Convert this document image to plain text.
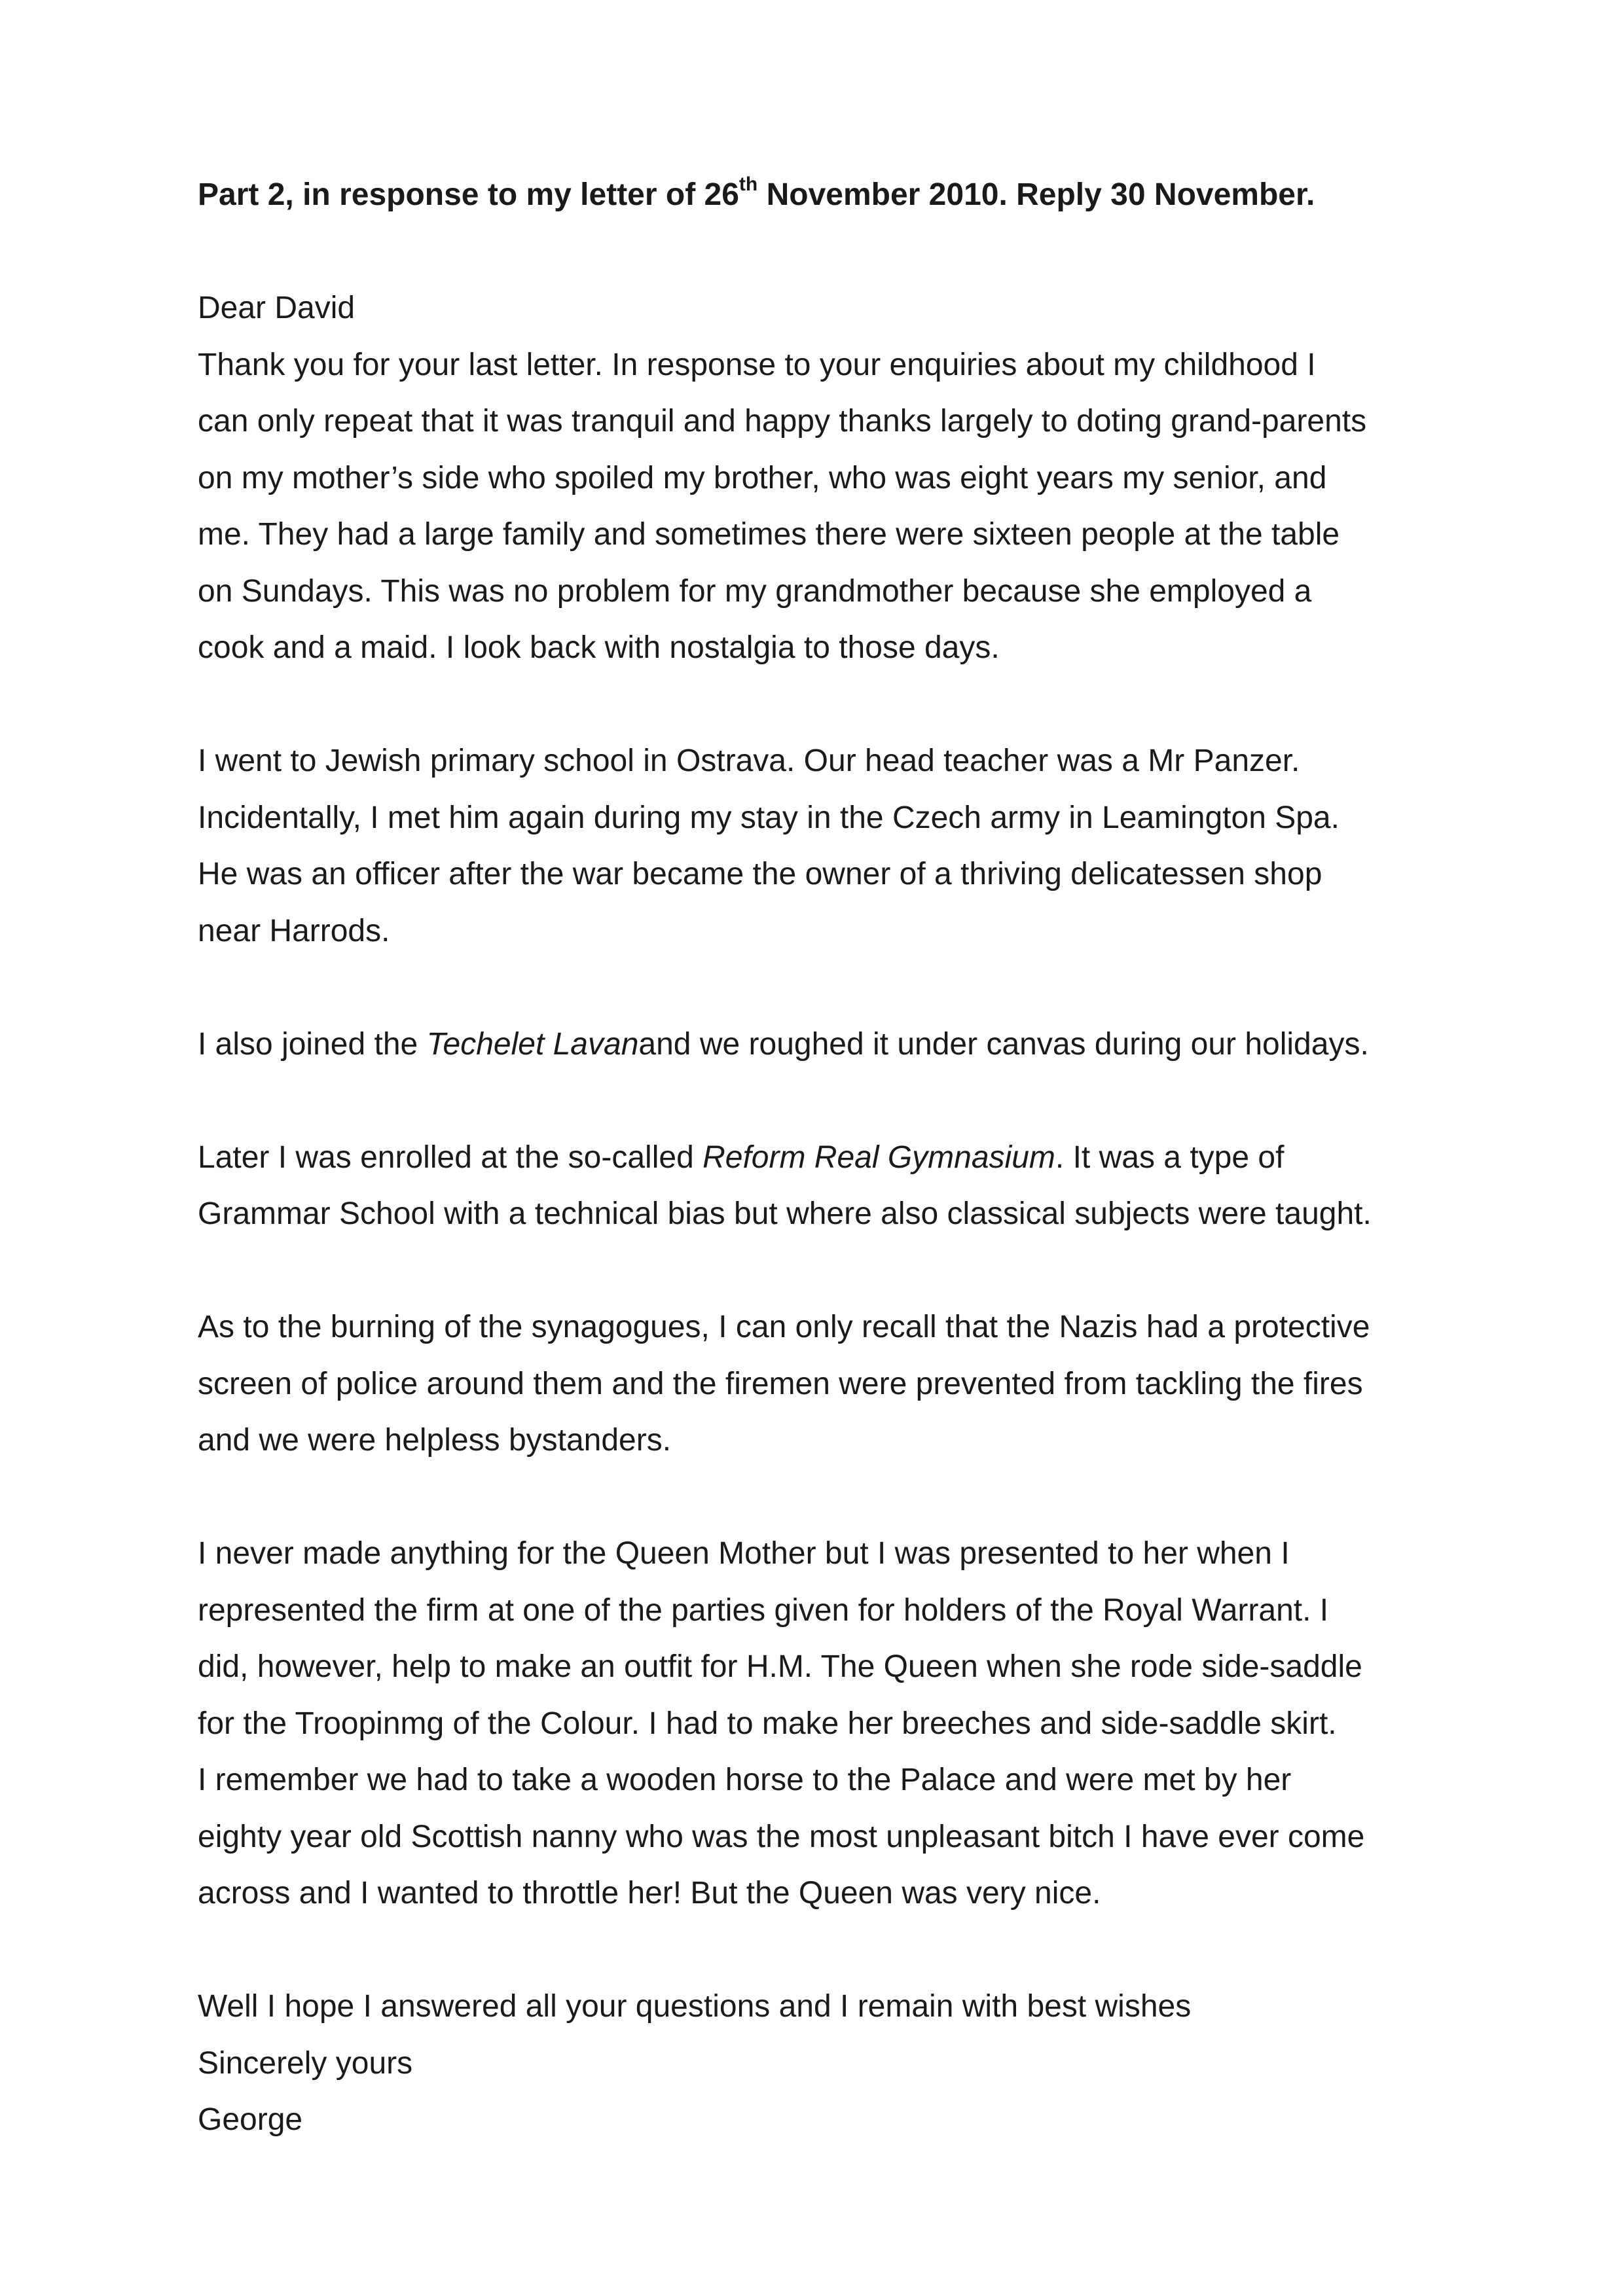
Part 2, in response to my letter of 26th November 2010. Reply 30 November.

Dear David

Thank you for your last letter. In response to your enquiries about my childhood I

can only repeat that it was tranquil and happy thanks largely to doting grand-parents

on my mother’s side who spoiled my brother, who was eight years my senior, and

me. They had a large family and sometimes there were sixteen people at the table

on Sundays. This was no problem for my grandmother because she employed a

cook and a maid. I look back with nostalgia to those days.

I went to Jewish primary school in Ostrava. Our head teacher was a Mr Panzer.

Incidentally, I met him again during my stay in the Czech army in Leamington Spa.

He was an officer after the war became the owner of a thriving delicatessen shop

near Harrods.

I also joined the Techelet Lavanand we roughed it under canvas during our holidays.

Later I was enrolled at the so-called Reform Real Gymnasium. It was a type of

Grammar School with a technical bias but where also classical subjects were taught.

As to the burning of the synagogues, I can only recall that the Nazis had a protective

screen of police around them and the firemen were prevented from tackling the fires

and we were helpless bystanders.

I never made anything for the Queen Mother but I was presented to her when I

represented the firm at one of the parties given for holders of the Royal Warrant. I

did, however, help to make an outfit for H.M. The Queen when she rode side-saddle

for the Troopinmg of the Colour. I had to make her breeches and side-saddle skirt.

I remember we had to take a wooden horse to the Palace and were met by her

eighty year old Scottish nanny who was the most unpleasant bitch I have ever come

across and I wanted to throttle her! But the Queen was very nice.

Well I hope I answered all your questions and I remain with best wishes

Sincerely yours

George
